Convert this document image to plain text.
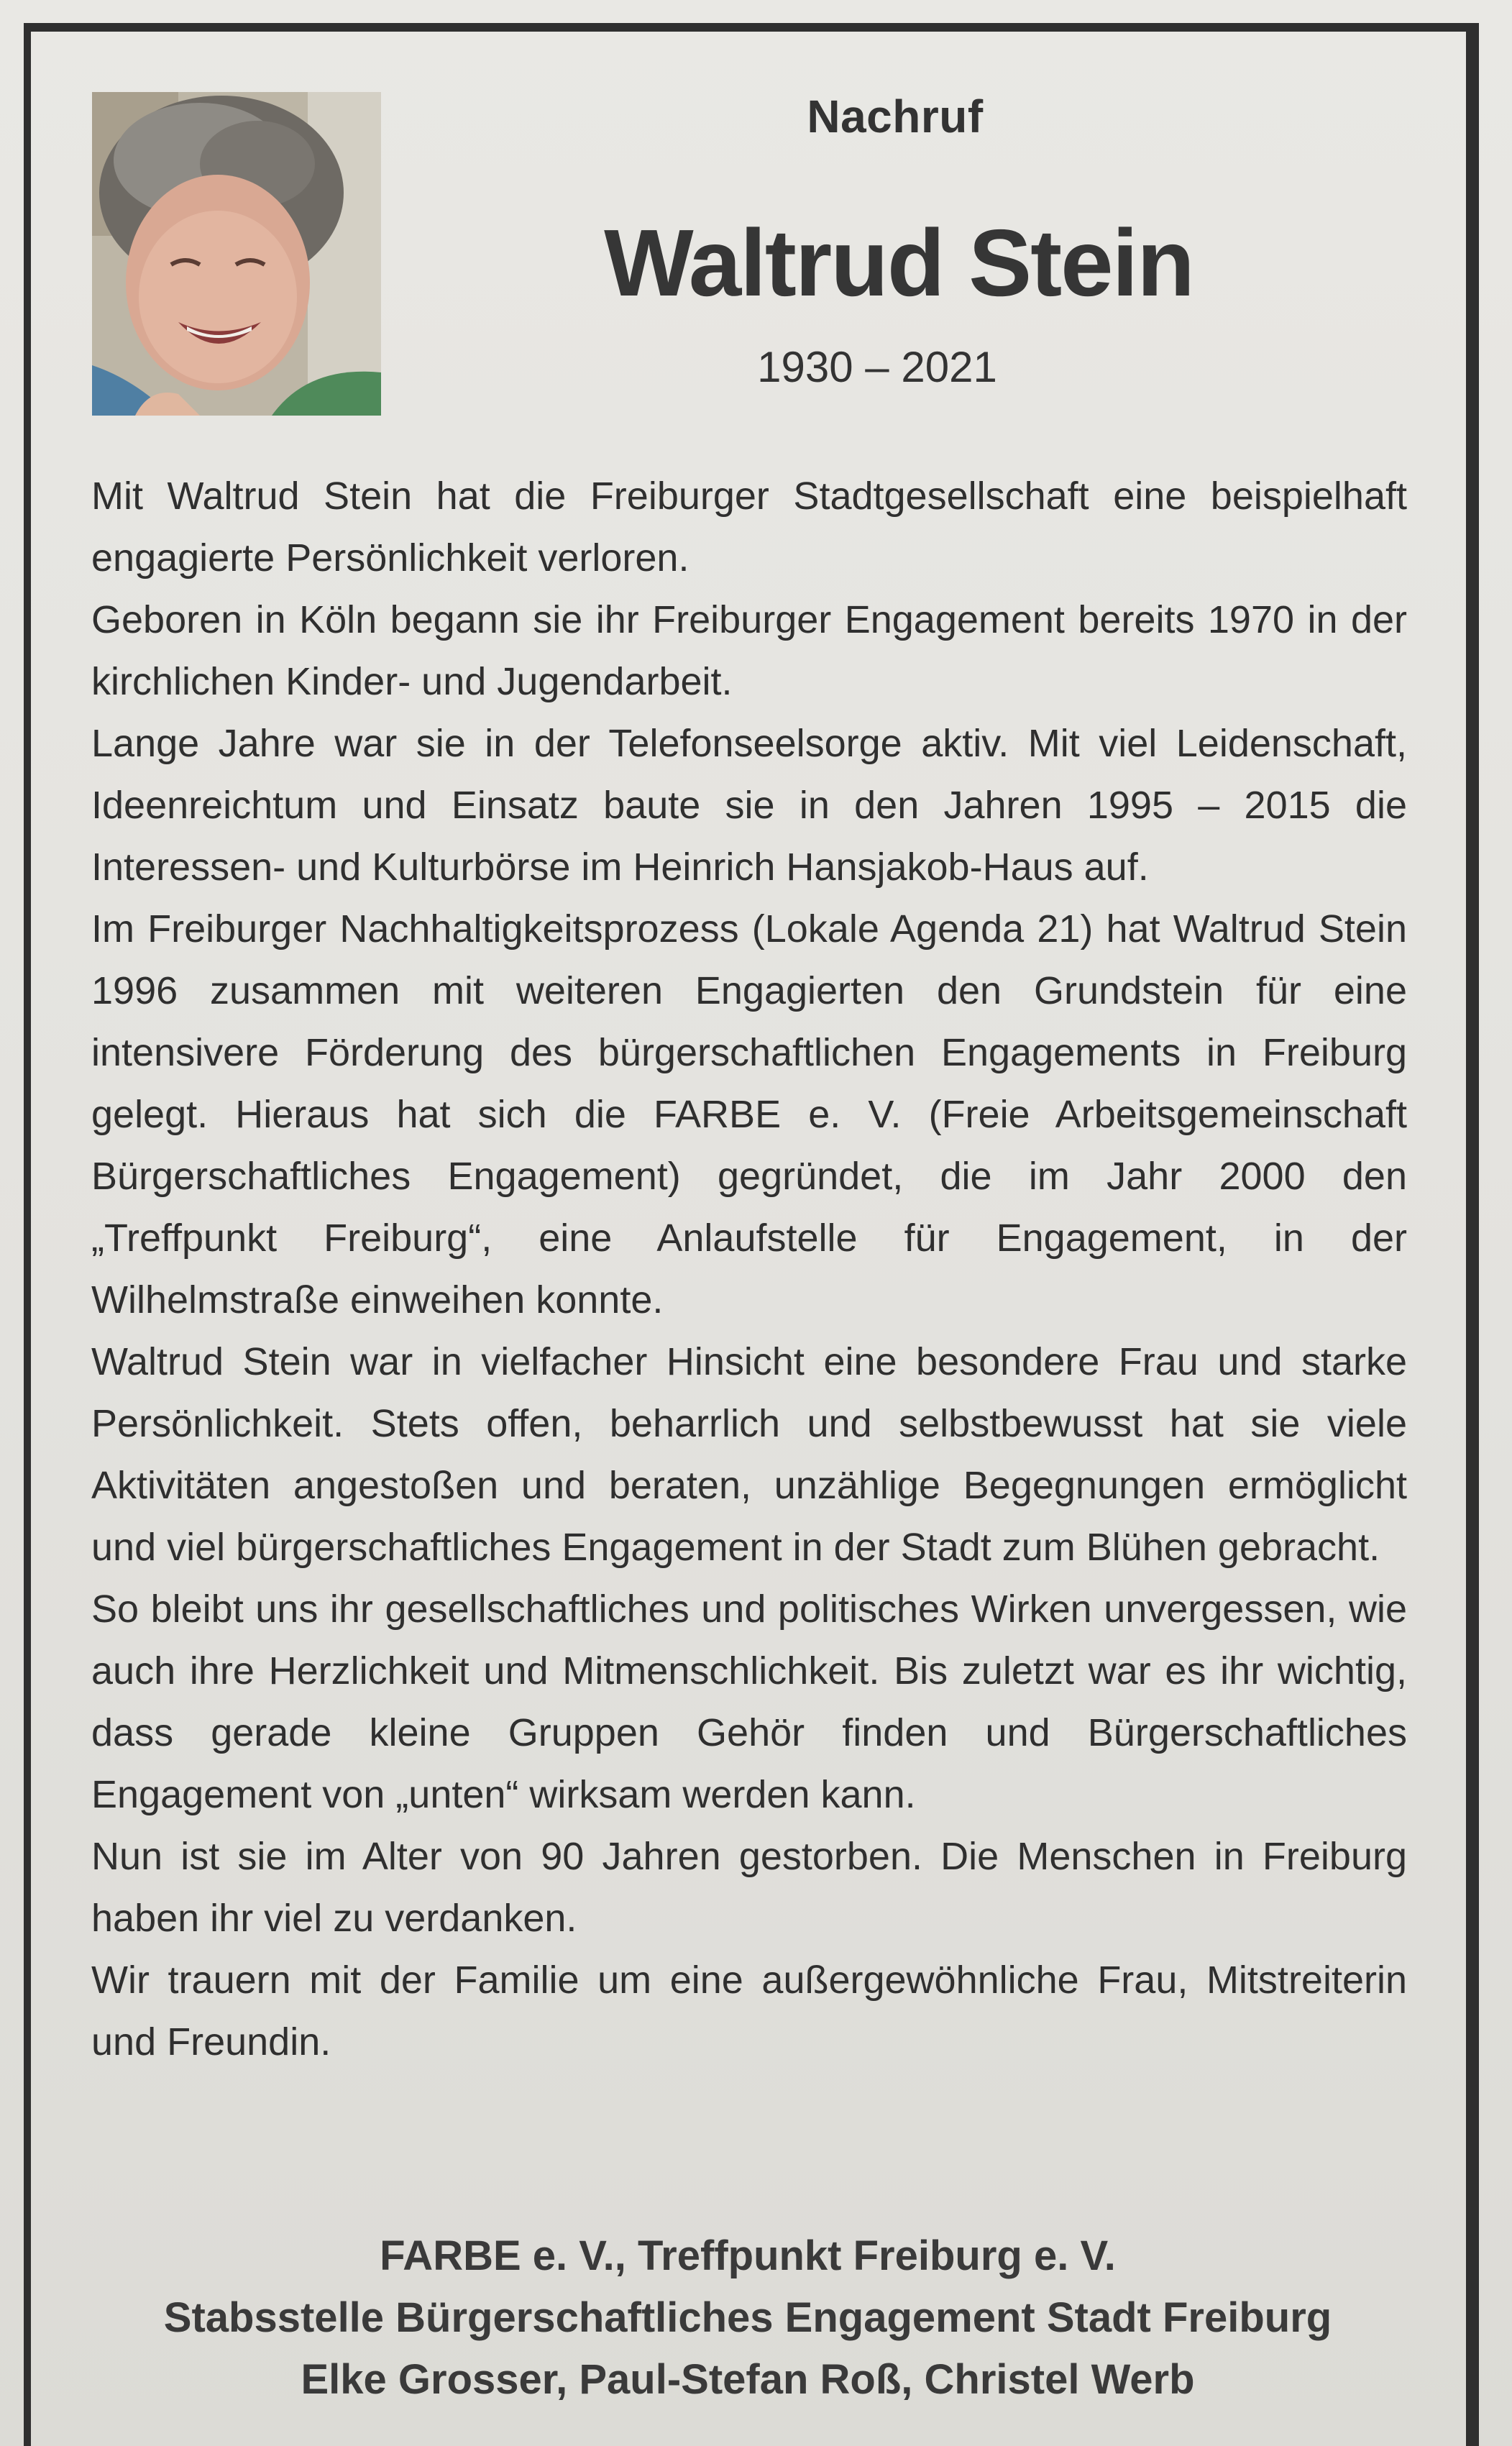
Nachruf
Waltrud Stein
1930 – 2021

Mit Waltrud Stein hat die Freiburger Stadtgesellschaft eine beispielhaft engagierte Persönlichkeit verloren.

Geboren in Köln begann sie ihr Freiburger Engagement bereits 1970 in der kirchlichen Kinder- und Jugendarbeit.

Lange Jahre war sie in der Telefonseelsorge aktiv. Mit viel Leidenschaft, Ideenreichtum und Einsatz baute sie in den Jahren 1995 – 2015 die Interessen- und Kulturbörse im Heinrich Hansjakob-Haus auf.

Im Freiburger Nachhaltigkeitsprozess (Lokale Agenda 21) hat Waltrud Stein 1996 zusammen mit weiteren Engagierten den Grundstein für eine intensivere Förderung des bürgerschaftlichen Engagements in Freiburg gelegt. Hieraus hat sich die FARBE e. V. (Freie Arbeitsgemeinschaft Bürgerschaftliches Engagement) gegründet, die im Jahr 2000 den „Treffpunkt Freiburg“, eine Anlaufstelle für Engagement, in der Wilhelmstraße einweihen konnte.

Waltrud Stein war in vielfacher Hinsicht eine besondere Frau und starke Persönlichkeit. Stets offen, beharrlich und selbstbewusst hat sie viele Aktivitäten angestoßen und beraten, unzählige Begegnungen ermöglicht und viel bürgerschaftliches Engagement in der Stadt zum Blühen gebracht.

So bleibt uns ihr gesellschaftliches und politisches Wirken unvergessen, wie auch ihre Herzlichkeit und Mitmenschlichkeit. Bis zuletzt war es ihr wichtig, dass gerade kleine Gruppen Gehör finden und Bürgerschaftliches Engagement von „unten“ wirksam werden kann.

Nun ist sie im Alter von 90 Jahren gestorben. Die Menschen in Freiburg haben ihr viel zu verdanken.

Wir trauern mit der Familie um eine außergewöhnliche Frau, Mitstreiterin und Freundin.

FARBE e. V., Treffpunkt Freiburg e. V.
Stabsstelle Bürgerschaftliches Engagement Stadt Freiburg
Elke Grosser, Paul-Stefan Roß, Christel Werb
